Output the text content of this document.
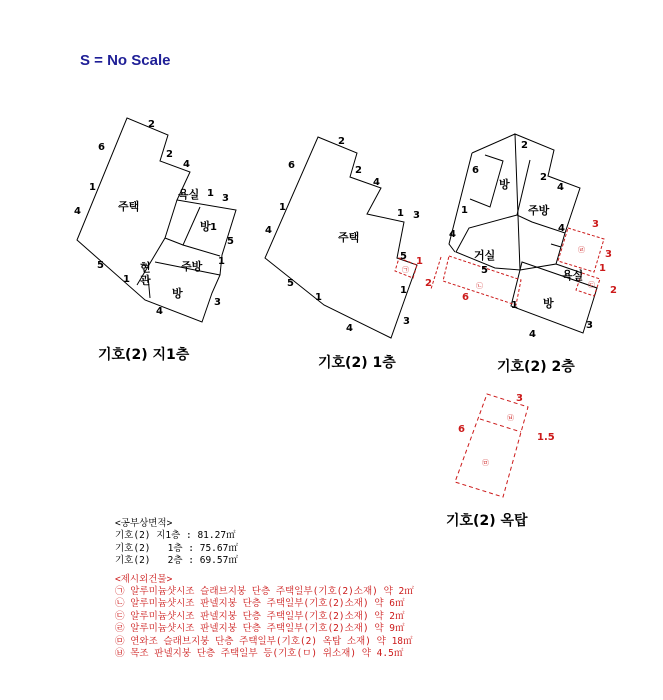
S = No Scale
2
6
2
4
1
1 3
4
1
5
5	1
1
4
3
주택
욕실
방
현
관
주방
방
2
6	2
4
1
1 3
4
5
5
1
4
3
1
1
2
㉠
주택
2
6
2
4
1
4
4
5
1
4
3
3
3
1
2
6
㉣
㉢
㉡
방
주방
거실
욕실
방
3
6
1.5
㉥
㉤
기호(2) 지1층	기호(2) 1층	기호(2) 2층
기호(2) 옥탑
<공부상면적>
기호(2) 지1층 : 81.27㎡
기호(2)   1층 : 75.67㎡
기호(2)   2층 : 69.57㎡
<제시외건물>
㉠ 알루미늄샷시조 슬래브지붕 단층 주택일부(기호(2)소재) 약 2㎡
㉡ 알루미늄샷시조 판넬지붕 단층 주택일부(기호(2)소재) 약 6㎡
㉢ 알루미늄샷시조 판넬지붕 단층 주택일부(기호(2)소재) 약 2㎡
㉣ 알루미늄샷시조 판넬지붕 단층 주택일부(기호(2)소재) 약 9㎡
㉤ 연와조 슬래브지붕 단층 주택일부(기호(2) 옥탑 소재) 약 18㎡
㉥ 목조 판넬지붕 단층 주택일부 등(기호(ㅁ) 위소재) 약 4.5㎡
